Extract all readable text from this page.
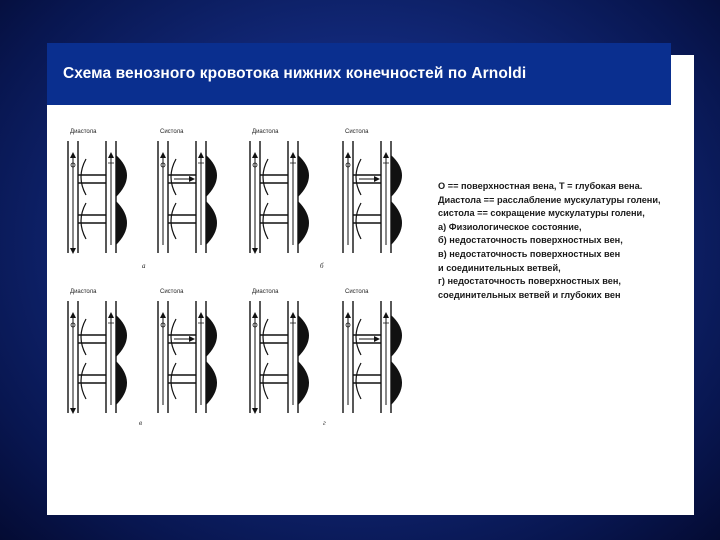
Схема венозного кровотока нижних конечностей по Arnoldi
Диастола	Систола	Диастола	Систола
Диастола	Систола	Диастола	Систола
а	б
в	г
О == поверхностная вена, Т = глубокая вена.
Диастола == расслабление мускулатуры голени,
систола == сокращение мускулатуры голени,
а) Физиологическое состояние,
б) недостаточность поверхностных вен,
в) недостаточность поверхностных вен
и соединительных ветвей,
г) недостаточность поверхностных вен,
соединительных ветвей и глубоких вен
